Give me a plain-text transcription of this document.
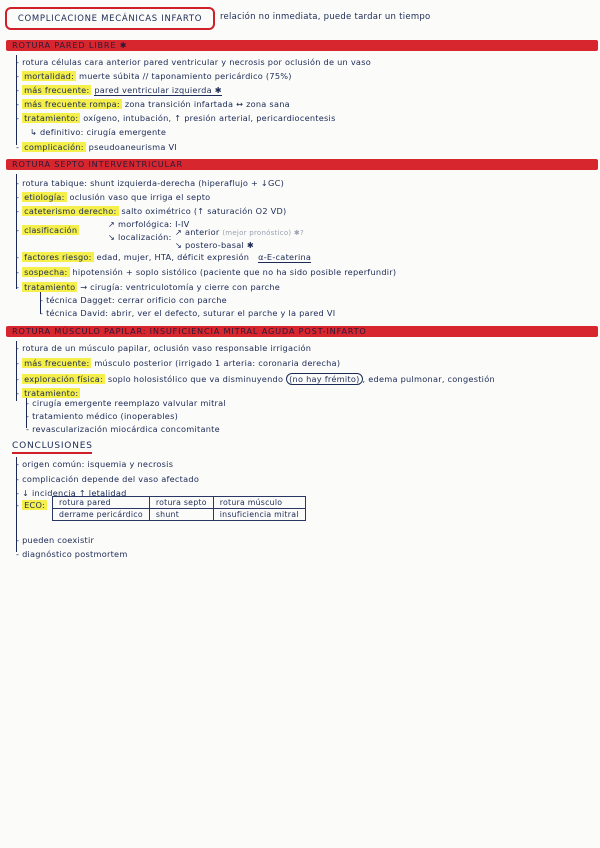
COMPLICACIONE MECÁNICAS INFARTO	relación no inmediata, puede tardar un tiempo
ROTURA PARED LIBRE ✱
- rotura células cara anterior pared ventricular y necrosis por oclusión de un vaso
- mortalidad: muerte súbita // taponamiento pericárdico (75%)
- más frecuente: pared ventricular izquierda ✱
- más frecuente rompa: zona transición infartada ↔ zona sana
- tratamiento: oxígeno, intubación, ↑ presión arterial, pericardiocentesis
↳ definitivo: cirugía emergente
- complicación: pseudoaneurisma VI
ROTURA SEPTO INTERVENTRICULAR
- rotura tabique: shunt izquierda-derecha (hiperaflujo + ↓GC)
- etiología: oclusión vaso que irriga el septo
- cateterismo derecho: salto oximétrico (↑ saturación O2 VD)
- clasificación
↗ morfológica: I-IV
↘ localización: ↗ anterior (mejor pronóstico) ✱?
↘ postero-basal ✱
- factores riesgo: edad, mujer, HTA, déficit expresión α-E-caterina
- sospecha: hipotensión + soplo sistólico (paciente que no ha sido posible reperfundir)
- tratamiento → cirugía: ventriculotomía y cierre con parche
- técnica Dagget: cerrar orificio con parche
- técnica David: abrir, ver el defecto, suturar el parche y la pared VI
ROTURA MÚSCULO PAPILAR: INSUFICIENCIA MITRAL AGUDA POST-INFARTO
- rotura de un músculo papilar, oclusión vaso responsable irrigación
- más frecuente: músculo posterior (irrigado 1 arteria: coronaria derecha)
- exploración física: soplo holosistólico que va disminuyendo (no hay frémito) , edema pulmonar, congestión
- tratamiento:
- cirugía emergente reemplazo valvular mitral
- tratamiento médico (inoperables)
- revascularización miocárdica concomitante
CONCLUSIONES
- origen común: isquemia y necrosis
- complicación depende del vaso afectado
- ↓ incidencia ↑ letalidad
- ECO: rotura pared	rotura septo	rotura músculo
derrame pericárdico	shunt	insuficiencia mitral
- pueden coexistir
- diagnóstico postmortem
